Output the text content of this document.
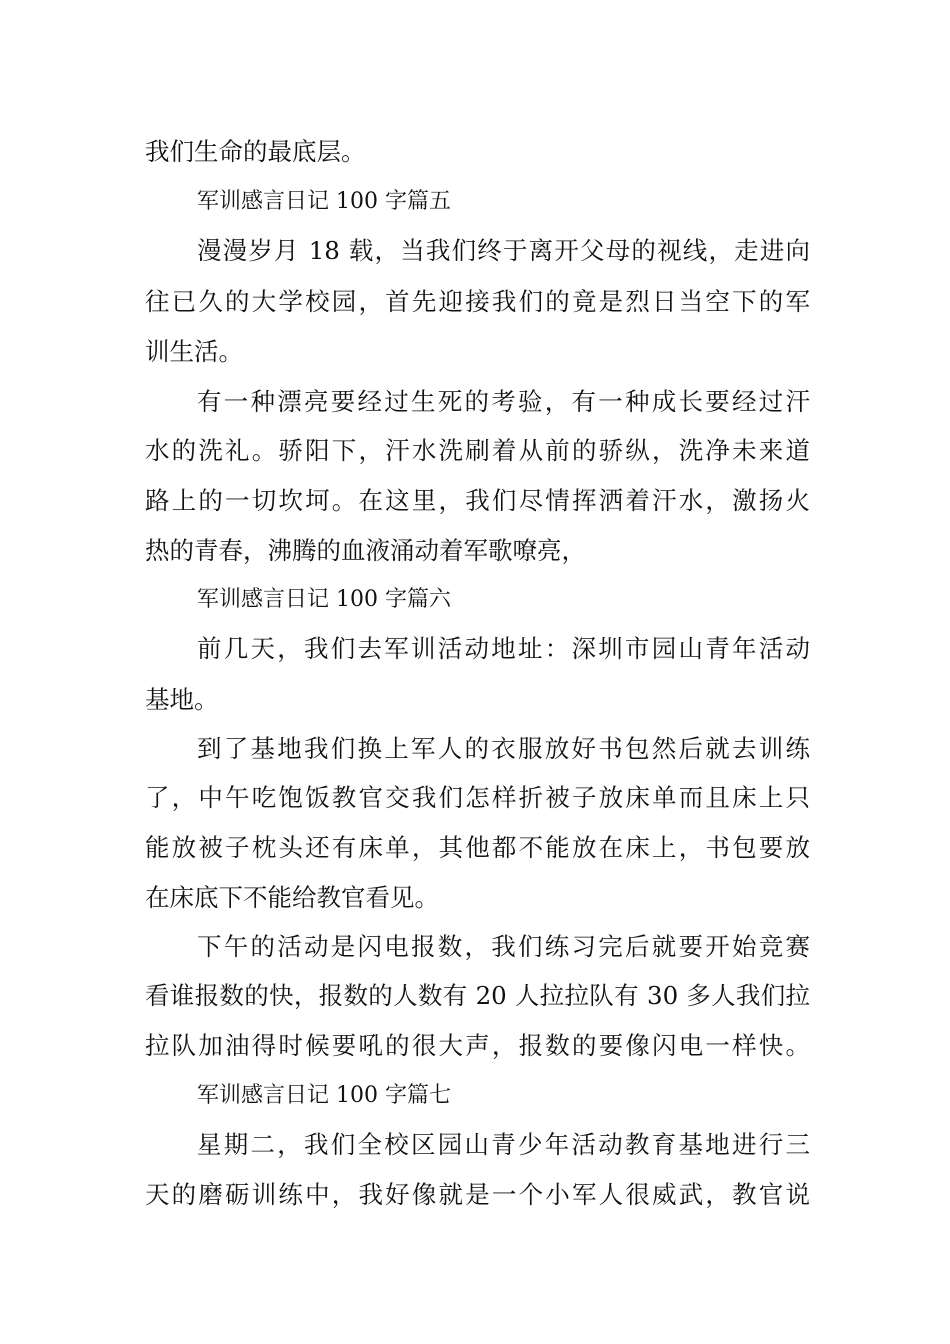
我们生命的最底层。
军训感言日记 100 字篇五
漫漫岁月 18 载，当我们终于离开父母的视线，走进向
往已久的大学校园，首先迎接我们的竟是烈日当空下的军
训生活。
有一种漂亮要经过生死的考验，有一种成长要经过汗
水的洗礼。骄阳下，汗水洗刷着从前的骄纵，洗净未来道
路上的一切坎坷。在这里，我们尽情挥洒着汗水，激扬火
热的青春，沸腾的血液涌动着军歌嘹亮，
军训感言日记 100 字篇六
前几天，我们去军训活动地址：深圳市园山青年活动
基地。
到了基地我们换上军人的衣服放好书包然后就去训练
了，中午吃饱饭教官交我们怎样折被子放床单而且床上只
能放被子枕头还有床单，其他都不能放在床上，书包要放
在床底下不能给教官看见。
下午的活动是闪电报数，我们练习完后就要开始竞赛
看谁报数的快，报数的人数有 20 人拉拉队有 30 多人我们拉
拉队加油得时候要吼的很大声，报数的要像闪电一样快。
军训感言日记 100 字篇七
星期二，我们全校区园山青少年活动教育基地进行三
天的磨砺训练中，我好像就是一个小军人很威武，教官说
